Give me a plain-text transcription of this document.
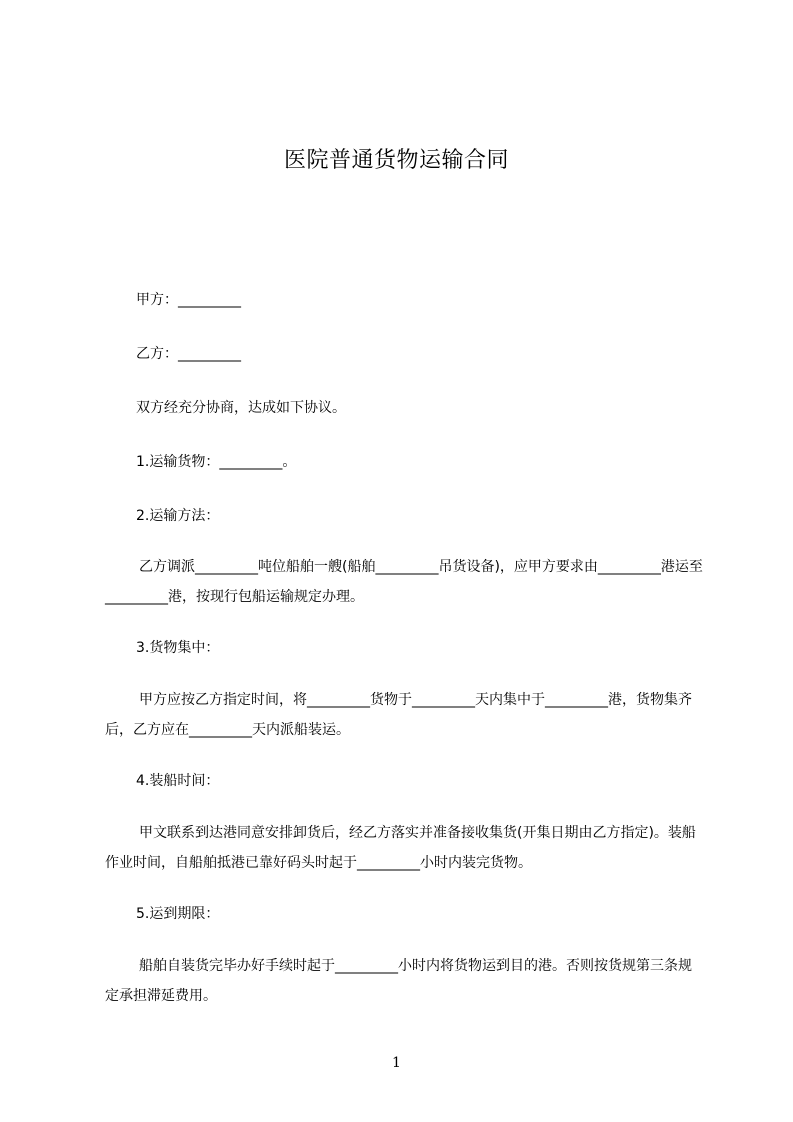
医院普通货物运输合同
甲方：_________
乙方：_________
双方经充分协商，达成如下协议。
1.运输货物：_________。
2.运输方法：
乙方调派_________吨位船舶一艘(船舶_________吊货设备)，应甲方要求由_________港运至_________港，按现行包船运输规定办理。
3.货物集中：
甲方应按乙方指定时间，将_________货物于_________天内集中于_________港，货物集齐后，乙方应在_________天内派船装运。
4.装船时间：
甲文联系到达港同意安排卸货后，经乙方落实并准备接收集货(开集日期由乙方指定)。装船作业时间，自船舶抵港已靠好码头时起于_________小时内装完货物。
5.运到期限：
船舶自装货完毕办好手续时起于_________小时内将货物运到目的港。否则按货规第三条规定承担滞延费用。
1
